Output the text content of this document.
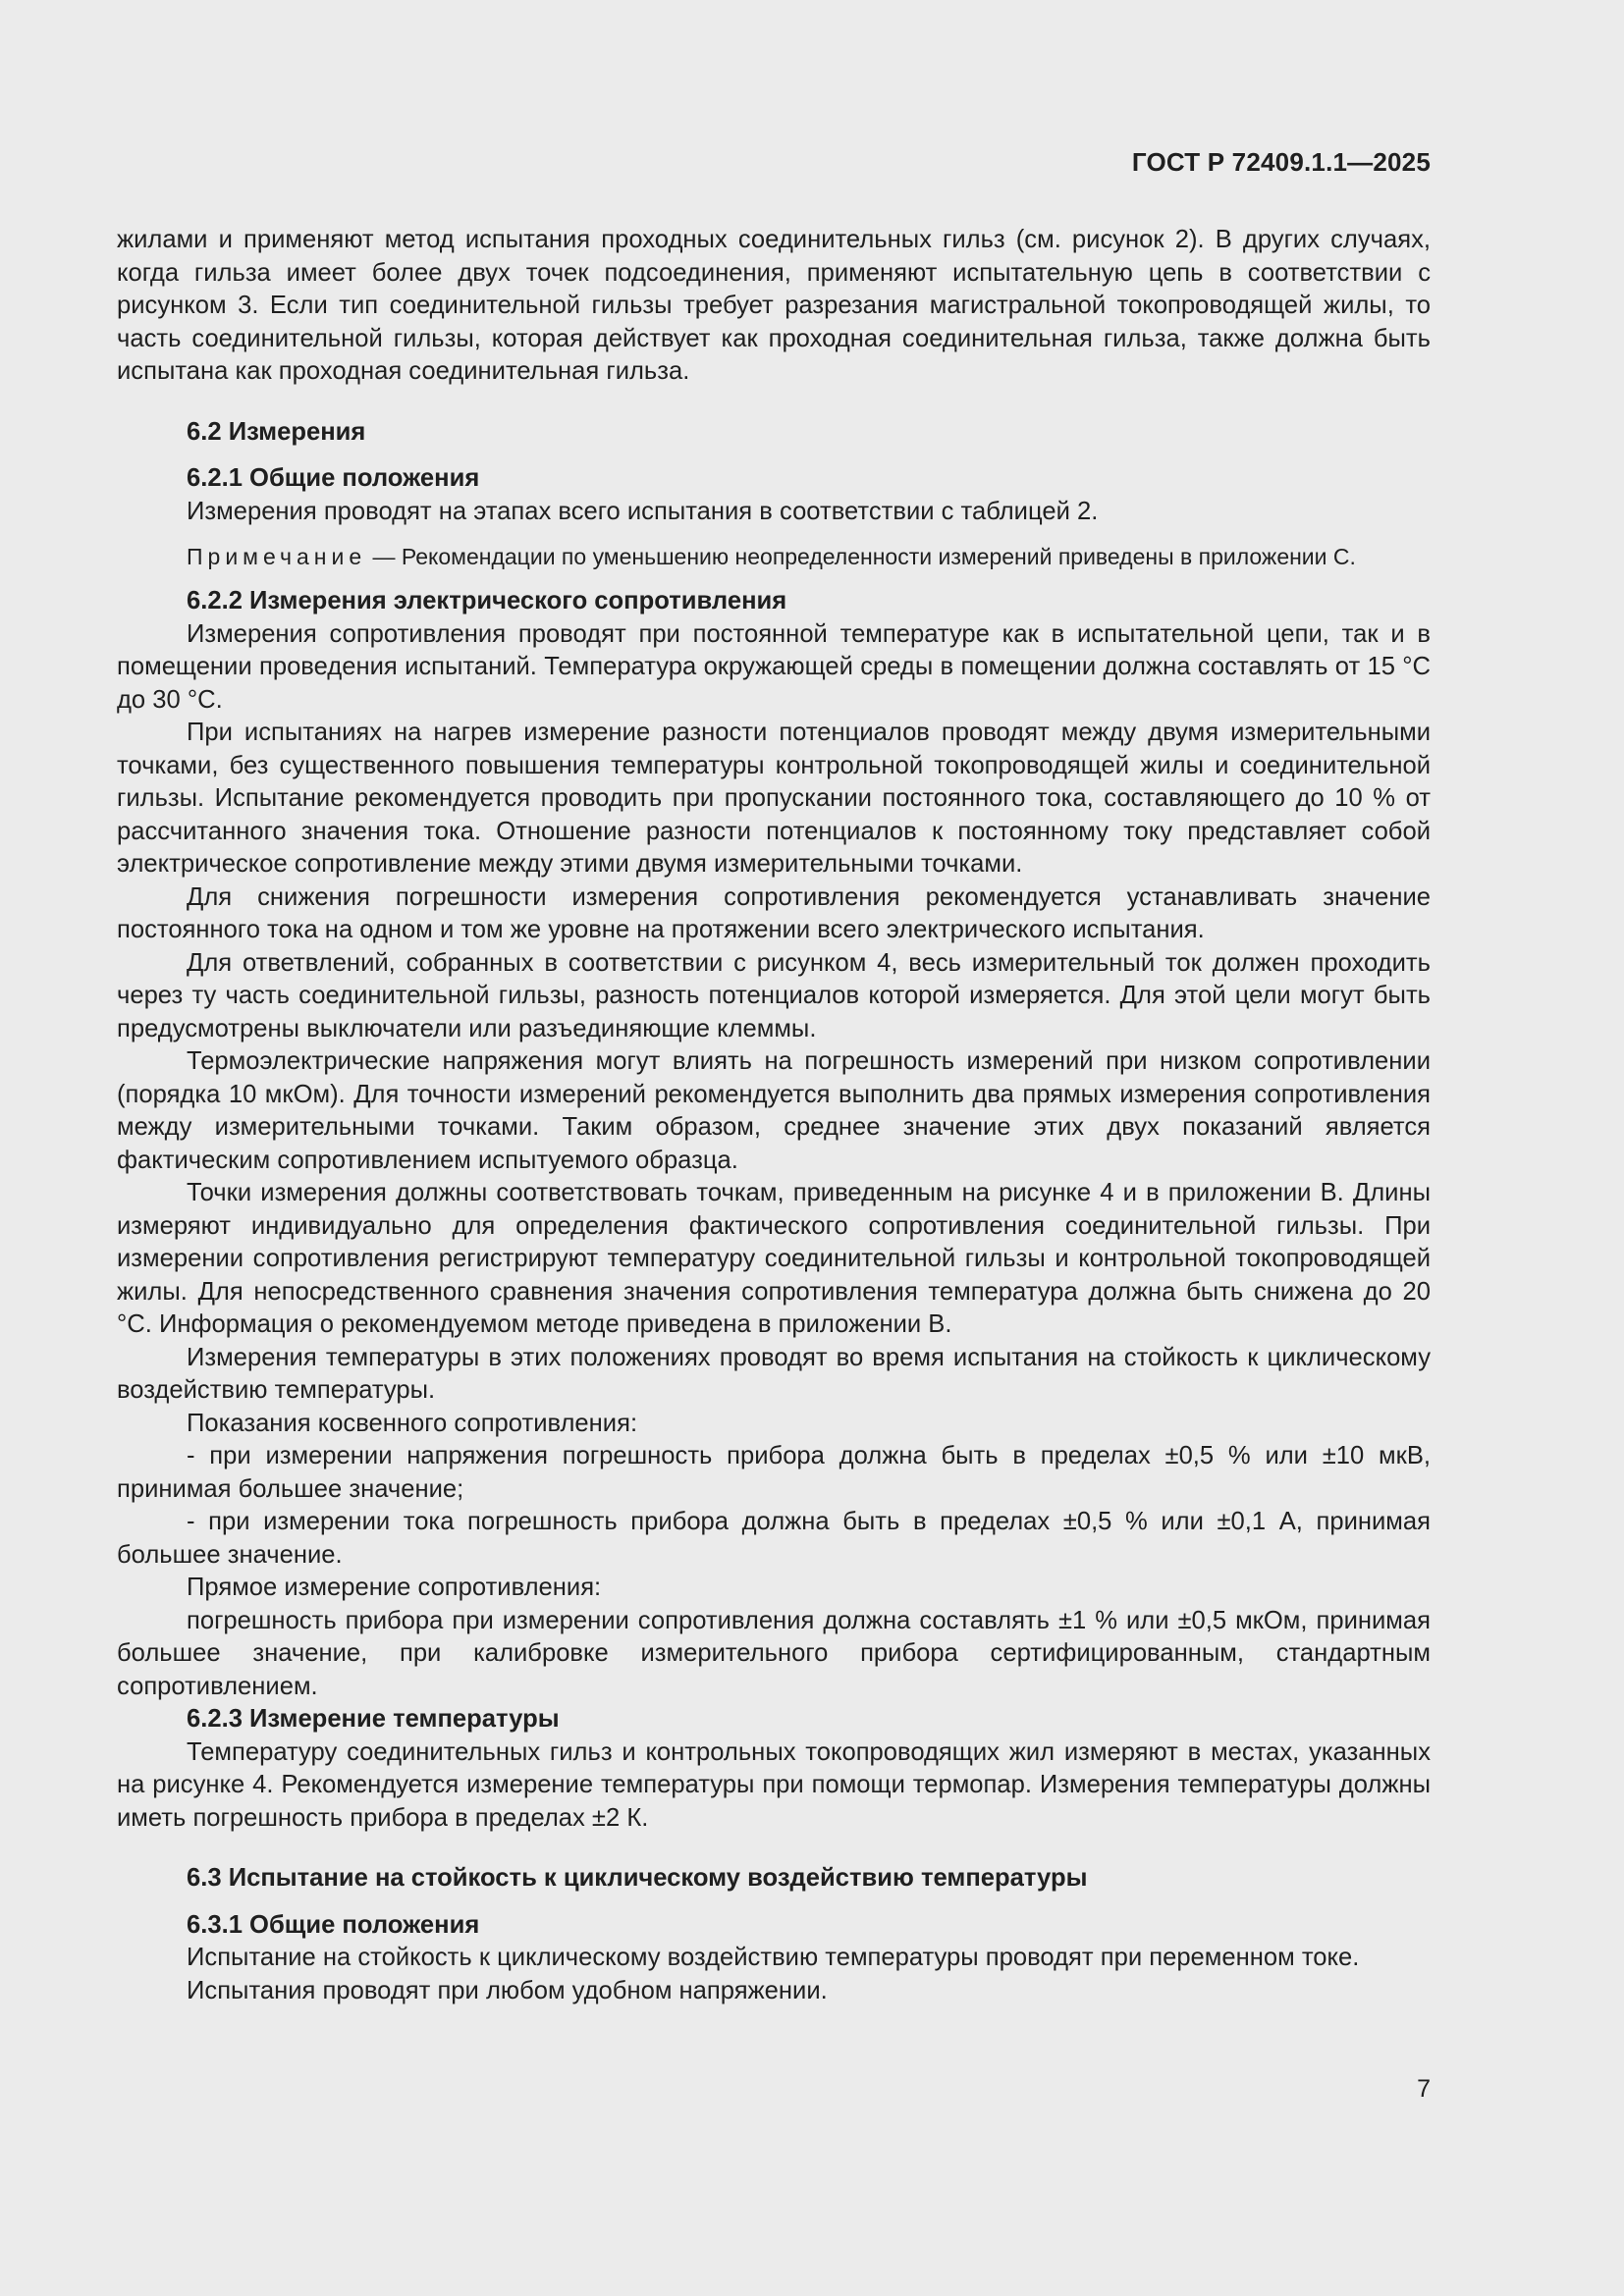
ГОСТ Р 72409.1.1—2025

жилами и применяют метод испытания проходных соединительных гильз (см. рисунок 2). В других случаях, когда гильза имеет более двух точек подсоединения, применяют испытательную цепь в соответствии с рисунком 3. Если тип соединительной гильзы требует разрезания магистральной токопроводящей жилы, то часть соединительной гильзы, которая действует как проходная соединительная гильза, также должна быть испытана как проходная соединительная гильза.

6.2 Измерения

6.2.1 Общие положения

Измерения проводят на этапах всего испытания в соответствии с таблицей 2.

Примечание — Рекомендации по уменьшению неопределенности измерений приведены в приложении С.

6.2.2 Измерения электрического сопротивления

Измерения сопротивления проводят при постоянной температуре как в испытательной цепи, так и в помещении проведения испытаний. Температура окружающей среды в помещении должна составлять от 15 °С до 30 °С.

При испытаниях на нагрев измерение разности потенциалов проводят между двумя измерительными точками, без существенного повышения температуры контрольной токопроводящей жилы и соединительной гильзы. Испытание рекомендуется проводить при пропускании постоянного тока, составляющего до 10 % от рассчитанного значения тока. Отношение разности потенциалов к постоянному току представляет собой электрическое сопротивление между этими двумя измерительными точками.

Для снижения погрешности измерения сопротивления рекомендуется устанавливать значение постоянного тока на одном и том же уровне на протяжении всего электрического испытания.

Для ответвлений, собранных в соответствии с рисунком 4, весь измерительный ток должен проходить через ту часть соединительной гильзы, разность потенциалов которой измеряется. Для этой цели могут быть предусмотрены выключатели или разъединяющие клеммы.

Термоэлектрические напряжения могут влиять на погрешность измерений при низком сопротивлении (порядка 10 мкОм). Для точности измерений рекомендуется выполнить два прямых измерения сопротивления между измерительными точками. Таким образом, среднее значение этих двух показаний является фактическим сопротивлением испытуемого образца.

Точки измерения должны соответствовать точкам, приведенным на рисунке 4 и в приложении В. Длины измеряют индивидуально для определения фактического сопротивления соединительной гильзы. При измерении сопротивления регистрируют температуру соединительной гильзы и контрольной токопроводящей жилы. Для непосредственного сравнения значения сопротивления температура должна быть снижена до 20 °С. Информация о рекомендуемом методе приведена в приложении В.

Измерения температуры в этих положениях проводят во время испытания на стойкость к циклическому воздействию температуры.

Показания косвенного сопротивления:

- при измерении напряжения погрешность прибора должна быть в пределах ±0,5 % или ±10 мкВ, принимая большее значение;

- при измерении тока погрешность прибора должна быть в пределах ±0,5 % или ±0,1 А, принимая большее значение.

Прямое измерение сопротивления:

погрешность прибора при измерении сопротивления должна составлять ±1 % или ±0,5 мкОм, принимая большее значение, при калибровке измерительного прибора сертифицированным, стандартным сопротивлением.

6.2.3 Измерение температуры

Температуру соединительных гильз и контрольных токопроводящих жил измеряют в местах, указанных на рисунке 4. Рекомендуется измерение температуры при помощи термопар. Измерения температуры должны иметь погрешность прибора в пределах ±2 К.

6.3 Испытание на стойкость к циклическому воздействию температуры

6.3.1 Общие положения

Испытание на стойкость к циклическому воздействию температуры проводят при переменном токе.

Испытания проводят при любом удобном напряжении.

7
